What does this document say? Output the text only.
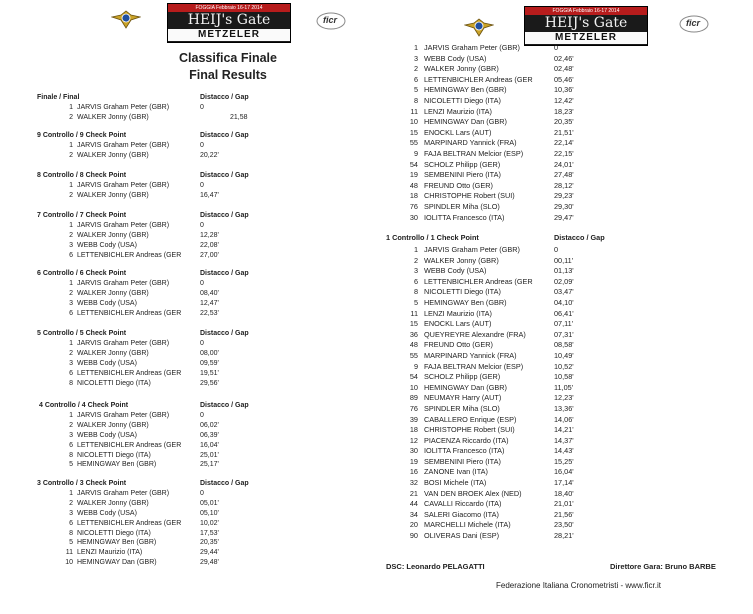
FOGGIA Febbraio 16-17 2014
HEIJ's Gate
METZELER
ficr
FOGGIA Febbraio 16-17 2014
HEIJ's Gate
METZELER
ficr
Classifica Finale
Final Results
Finale / Final	Distacco / Gap
1 JARVIS Graham Peter (GBR)	0
2 WALKER Jonny (GBR)	21,58
9 Controllo / 9 Check Point	Distacco / Gap
1 JARVIS Graham Peter (GBR)	0
2 WALKER Jonny (GBR)	20,22'
8 Controllo / 8 Check Point	Distacco / Gap
1 JARVIS Graham Peter (GBR)	0
2 WALKER Jonny (GBR)	16,47'
7 Controllo / 7 Check Point	Distacco / Gap
1 JARVIS Graham Peter (GBR)	0
2 WALKER Jonny (GBR)	12,28'
3 WEBB Cody (USA)	22,08'
6 LETTENBICHLER Andreas (GER	27,00'
6 Controllo / 6 Check Point	Distacco / Gap
1 JARVIS Graham Peter (GBR)	0
2 WALKER Jonny (GBR)	08,40'
3 WEBB Cody (USA)	12,47'
6 LETTENBICHLER Andreas (GER	22,53'
5 Controllo / 5 Check Point	Distacco / Gap
1 JARVIS Graham Peter (GBR)	0
2 WALKER Jonny (GBR)	08,00'
3 WEBB Cody (USA)	09,59'
6 LETTENBICHLER Andreas (GER	19,51'
8 NICOLETTI Diego (ITA)	29,56'
4 Controllo / 4 Check Point	Distacco / Gap
1 JARVIS Graham Peter (GBR)	0
2 WALKER Jonny (GBR)	06,02'
3 WEBB Cody (USA)	06,39'
6 LETTENBICHLER Andreas (GER	16,04'
8 NICOLETTI Diego (ITA)	25,01'
5 HEMINGWAY Ben (GBR)	25,17'
3 Controllo / 3 Check Point	Distacco / Gap
1 JARVIS Graham Peter (GBR)	0
2 WALKER Jonny (GBR)	05,01'
3 WEBB Cody (USA)	05,10'
6 LETTENBICHLER Andreas (GER	10,02'
8 NICOLETTI Diego (ITA)	17,53'
5 HEMINGWAY Ben (GBR)	20,35'
11 LENZI Maurizio (ITA)	29,44'
10 HEMINGWAY Dan (GBR)	29,48'
1 JARVIS Graham Peter (GBR)	0
3 WEBB Cody (USA)	02,46'
2 WALKER Jonny (GBR)	02,48'
6 LETTENBICHLER Andreas (GER	05,46'
5 HEMINGWAY Ben (GBR)	10,36'
8 NICOLETTI Diego (ITA)	12,42'
11 LENZI Maurizio (ITA)	18,23'
10 HEMINGWAY Dan (GBR)	20,35'
15 ENOCKL Lars (AUT)	21,51'
55 MARPINARD Yannick (FRA)	22,14'
9 FAJA BELTRAN Melcior (ESP)	22,15'
54 SCHOLZ Philipp (GER)	24,01'
19 SEMBENINI Piero (ITA)	27,48'
48 FREUND Otto (GER)	28,12'
18 CHRISTOPHE Robert (SUI)	29,23'
76 SPINDLER Miha (SLO)	29,30'
30 IOLITTA Francesco (ITA)	29,47'
1 Controllo / 1 Check Point	Distacco / Gap
1 JARVIS Graham Peter (GBR)	0
2 WALKER Jonny (GBR)	00,11'
3 WEBB Cody (USA)	01,13'
6 LETTENBICHLER Andreas (GER	02,09'
8 NICOLETTI Diego (ITA)	03,47'
5 HEMINGWAY Ben (GBR)	04,10'
11 LENZI Maurizio (ITA)	06,41'
15 ENOCKL Lars (AUT)	07,11'
36 QUEYREYRE Alexandre (FRA)	07,31'
48 FREUND Otto (GER)	08,58'
55 MARPINARD Yannick (FRA)	10,49'
9 FAJA BELTRAN Melcior (ESP)	10,52'
54 SCHOLZ Philipp (GER)	10,58'
10 HEMINGWAY Dan (GBR)	11,05'
89 NEUMAYR Harry (AUT)	12,23'
76 SPINDLER Miha (SLO)	13,36'
39 CABALLERO Enrique (ESP)	14,06'
18 CHRISTOPHE Robert (SUI)	14,21'
12 PIACENZA Riccardo (ITA)	14,37'
30 IOLITTA Francesco (ITA)	14,43'
19 SEMBENINI Piero (ITA)	15,25'
16 ZANONE Ivan (ITA)	16,04'
32 BOSI Michele (ITA)	17,14'
21 VAN DEN BROEK Alex (NED)	18,40'
44 CAVALLI Riccardo (ITA)	21,01'
34 SALERI Giacomo (ITA)	21,56'
20 MARCHELLI Michele (ITA)	23,50'
90 OLIVERAS Dani (ESP)	28,21'
DSC: Leonardo PELAGATTI	Direttore Gara: Bruno BARBE
Federazione Italiana Cronometristi - www.ficr.it
